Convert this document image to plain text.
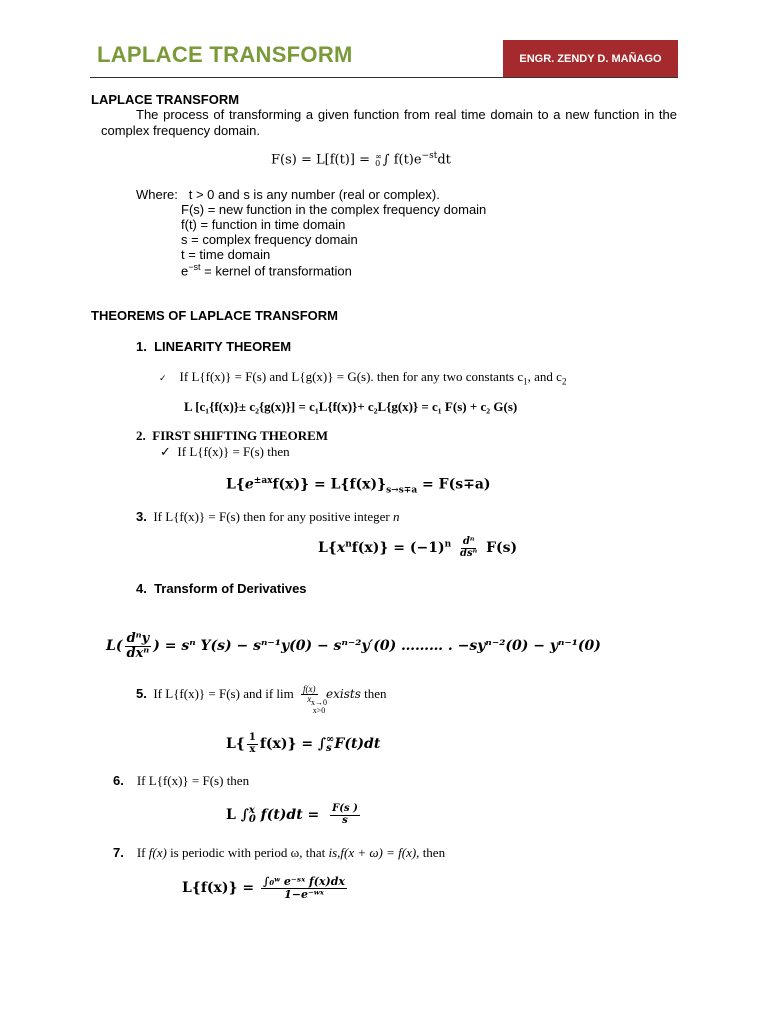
LAPLACE TRANSFORM	ENGR. ZENDY D. MAÑAGO
LAPLACE TRANSFORM
The process of transforming a given function from real time domain to a new function in the complex frequency domain.
F(s) = L[f(t)] = ∞
0 ∫ $f(t)e^{-st}dt$
Where: t > 0 and s is any number (real or complex).
F(s) = new function in the complex frequency domain
f(t) = function in time domain
s = complex frequency domain
t = time domain
$e^{-st}$ = kernel of transformation
THEOREMS OF LAPLACE TRANSFORM
1. LINEARITY THEOREM
✓ If L{f(x)} = F(s) and L{g(x)} = G(s). then for any two constants $c_1$, and $c_2$
L [c₁{f(x)}± c₂{g(x)}] = c₁L{f(x)}+ c₂L{g(x)} = c₁ F(s) + c₂ G(s)
2. FIRST SHIFTING THEOREM
✓ If L{f(x)} = F(s) then
$L\{e^{\pm ax}f(x)\} = L\{f(x)\}_{s\to s\mp a} = F(s\mp a)$
3. If L{f(x)} = F(s) then for any positive integer n
$L\{x^nf(x)\} = (-1)^n \frac{\text{dⁿ}}{\text{dsⁿ}} F(s)$
4. Transform of Derivatives
$L( \frac{\text{dⁿy}}{\text{dxⁿ}}$ ) = sⁿ Y(s) − sⁿ⁻¹y(0) − sⁿ⁻²y′(0) ……… . −syⁿ⁻²(0) − yⁿ⁻¹(0)
5. If L{f(x)} = F(s) and if lim
x→0
x>0
$\frac{f(x)}{x}$ exists then
$L\{ \frac{1}{x} f(x)\}$ = ∫ ∞
s F(t)dt
6. If L{f(x)} = F(s) then
L ∫ x
0 $f(t)dt = \frac{F(s )}{s}$
7. If f(x) is periodic with period ω, that is,f(x + ω) = f(x), then
$L\{f(x)\} = \frac{\text{∫₀ʷ e⁻ˢˣ f(x)dx}}{\text{1−e⁻ʷˣ}}$
